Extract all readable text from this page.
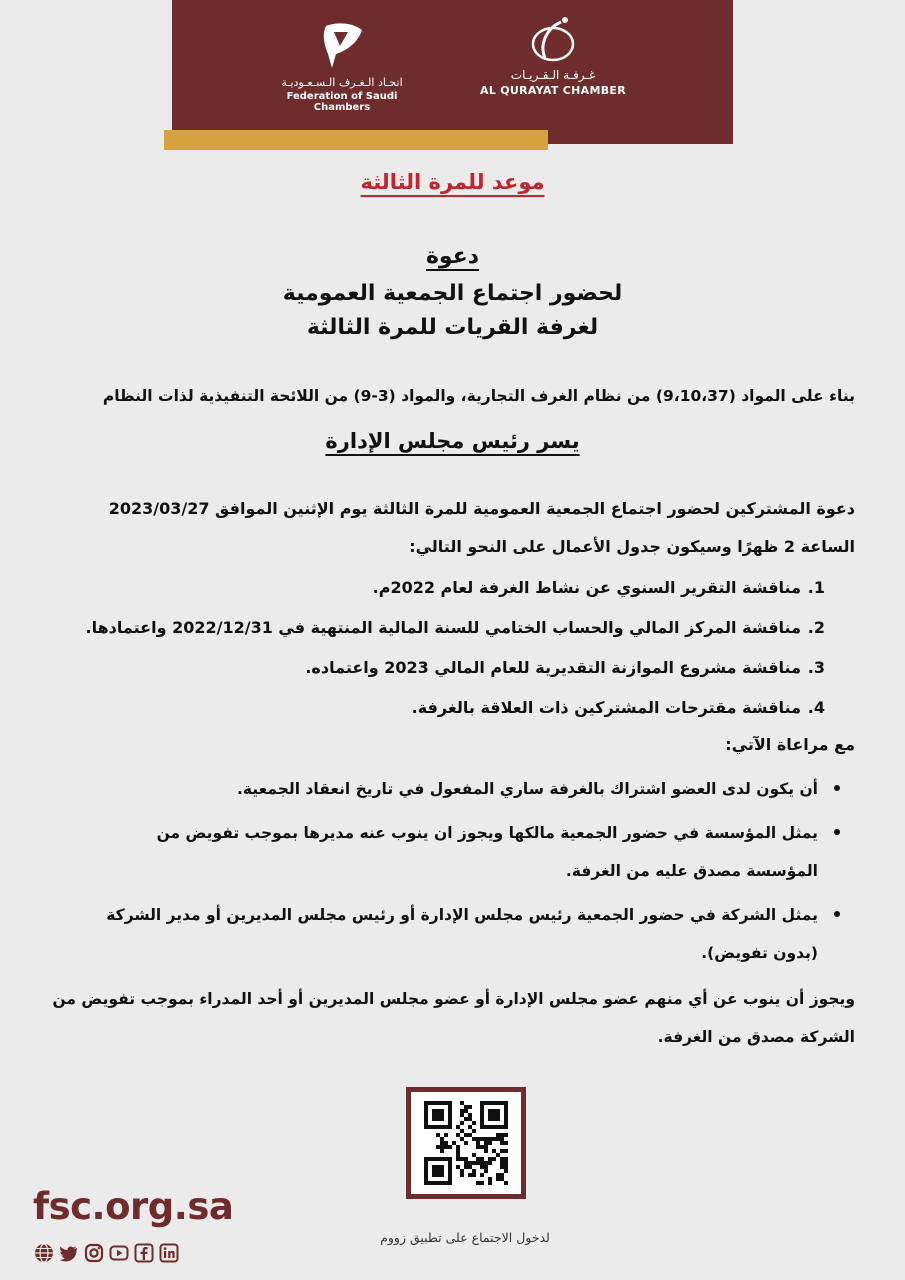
اتحـاد الـغـرف الـسـعـوديـة
Federation of Saudi Chambers
غـرفـة الـقـريـات
AL QURAYAT CHAMBER
موعد للمرة الثالثة
دعوة
لحضور اجتماع الجمعية العمومية
لغرفة القريات للمرة الثالثة
بناء على المواد (9،10،37) من نظام الغرف التجارية، والمواد (3-9) من اللائحة التنفيذية لذات النظام
يسر رئيس مجلس الإدارة
دعوة المشتركين لحضور اجتماع الجمعية العمومية للمرة الثالثة يوم الإثنين الموافق 2023/03/27 الساعة 2 ظهرًا وسيكون جدول الأعمال على النحو التالي:
1.مناقشة التقرير السنوي عن نشاط الغرفة لعام 2022م.
2.مناقشة المركز المالي والحساب الختامي للسنة المالية المنتهية في 2022/12/31 واعتمادها.
3.مناقشة مشروع الموازنة التقديرية للعام المالي 2023 واعتماده.
4.مناقشة مقترحات المشتركين ذات العلاقة بالغرفة.
مع مراعاة الآتي:
أن يكون لدى العضو اشتراك بالغرفة ساري المفعول في تاريخ انعقاد الجمعية.
يمثل المؤسسة في حضور الجمعية مالكها ويجوز ان ينوب عنه مديرها بموجب تفويض من المؤسسة مصدق عليه من الغرفة.
يمثل الشركة في حضور الجمعية رئيس مجلس الإدارة أو رئيس مجلس المديرين أو مدير الشركة (بدون تفويض).
ويجوز أن ينوب عن أي منهم عضو مجلس الإدارة أو عضو مجلس المديرين أو أحد المدراء بموجب تفويض من الشركة مصدق من الغرفة.
لدخول الاجتماع على تطبيق زووم
fsc.org.sa
